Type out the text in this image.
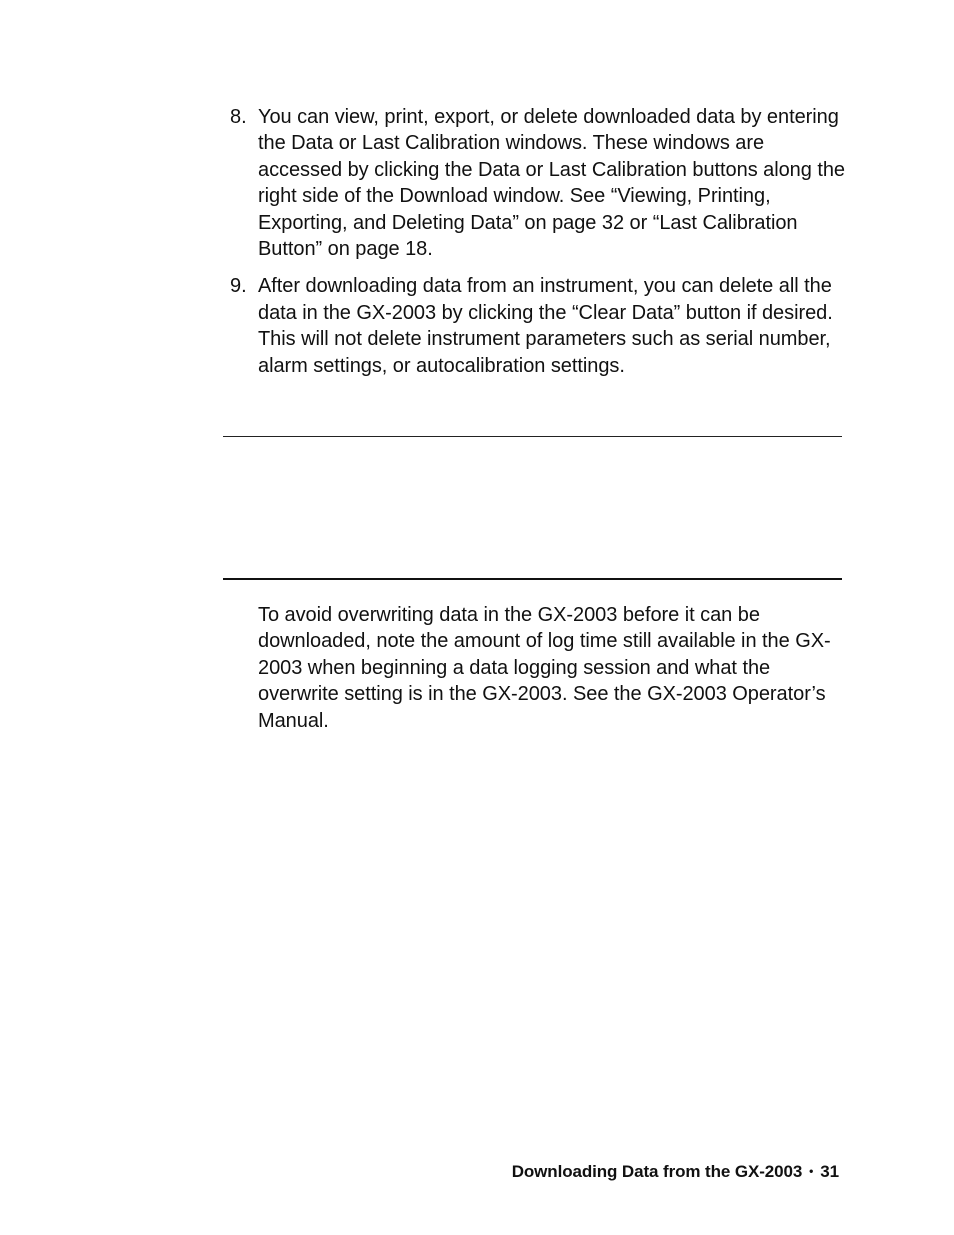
8. You can view, print, export, or delete downloaded data by entering the Data or Last Calibration windows. These windows are accessed by clicking the Data or Last Calibration buttons along the right side of the Download window. See “Viewing, Printing, Exporting, and Deleting Data” on page 32 or “Last Calibration Button” on page 18.
9. After downloading data from an instrument, you can delete all the data in the GX-2003 by clicking the “Clear Data” button if desired. This will not delete instrument parameters such as serial number, alarm settings, or autocalibration settings.

To avoid overwriting data in the GX-2003 before it can be downloaded, note the amount of log time still available in the GX-2003 when beginning a data logging session and what the overwrite setting is in the GX-2003. See the GX-2003 Operator’s Manual.

Downloading Data from the GX-2003 • 31
